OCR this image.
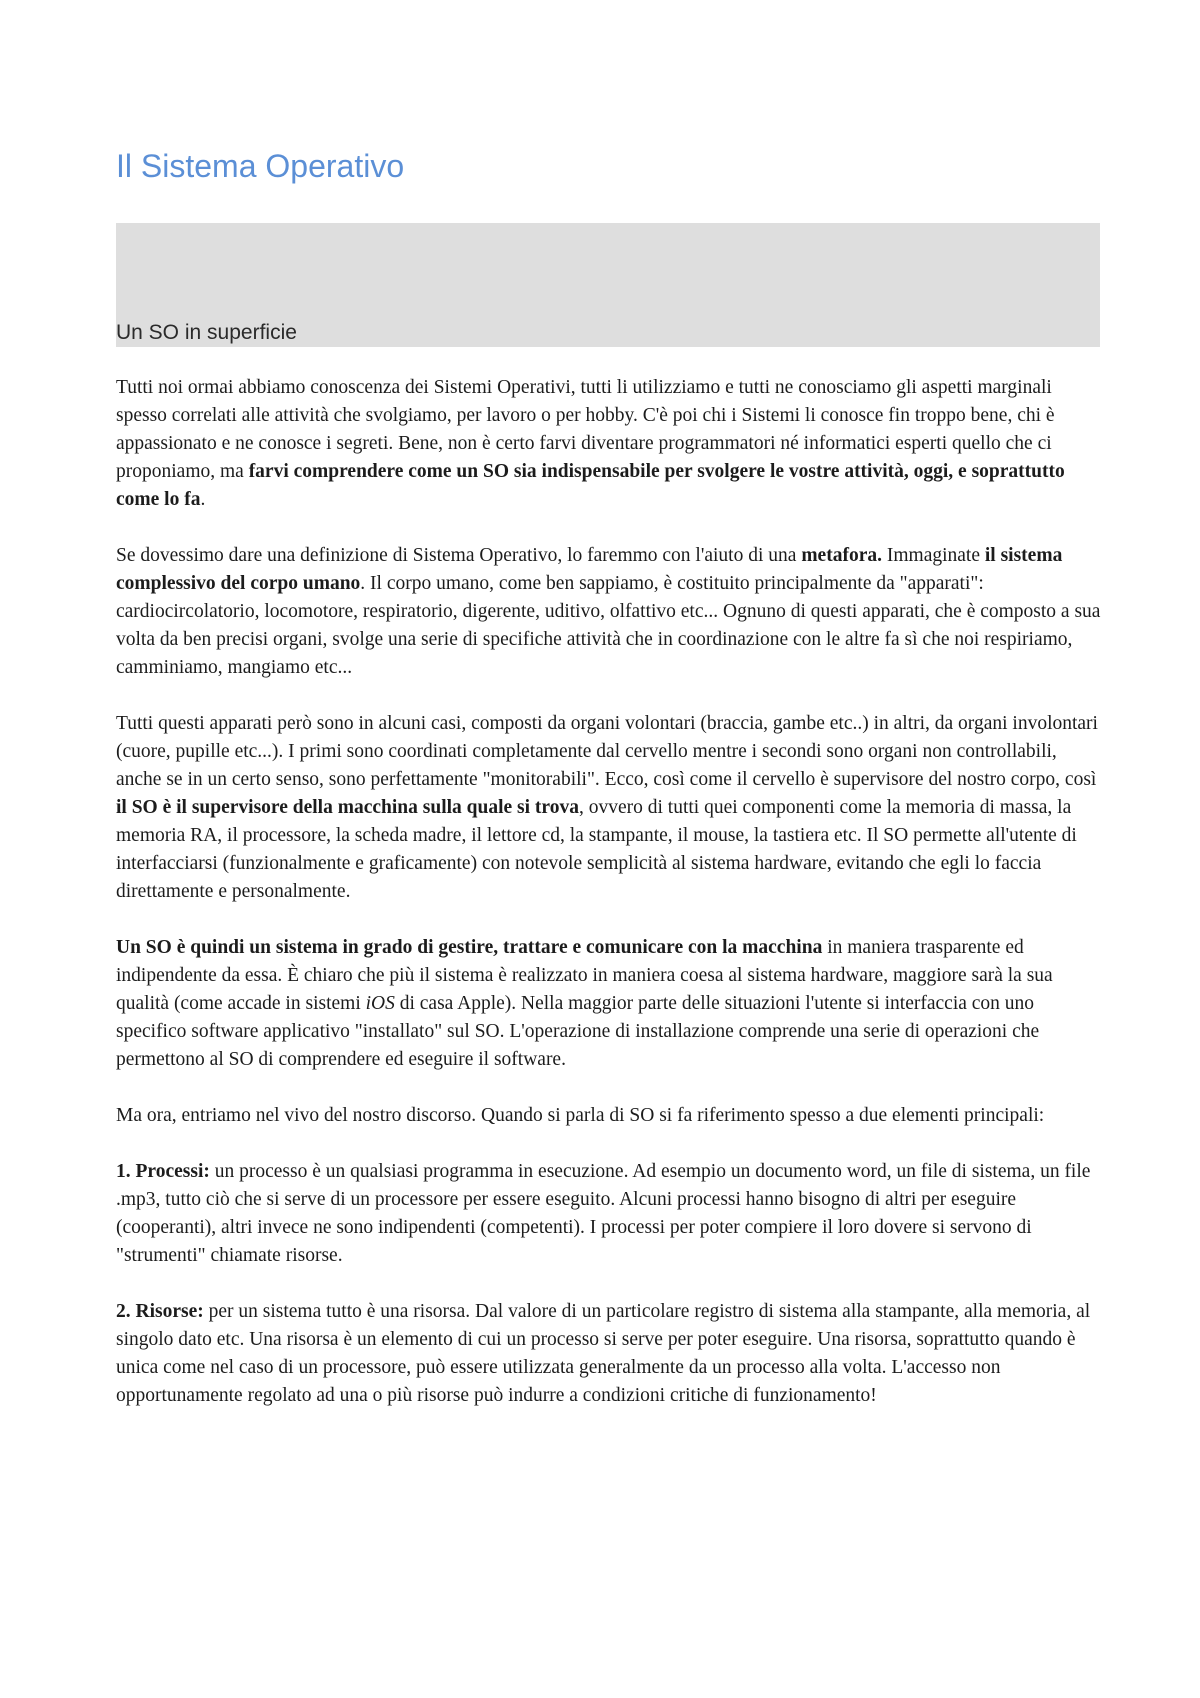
Il Sistema Operativo
Un SO in superficie

Tutti noi ormai abbiamo conoscenza dei Sistemi Operativi, tutti li utilizziamo e tutti ne conosciamo gli aspetti marginali spesso correlati alle attività che svolgiamo, per lavoro o per hobby. C'è poi chi i Sistemi li conosce fin troppo bene, chi è appassionato e ne conosce i segreti. Bene, non è certo farvi diventare programmatori né informatici esperti quello che ci proponiamo, ma farvi comprendere come un SO sia indispensabile per svolgere le vostre attività, oggi, e soprattutto come lo fa.

Se dovessimo dare una definizione di Sistema Operativo, lo faremmo con l'aiuto di una metafora. Immaginate il sistema complessivo del corpo umano. Il corpo umano, come ben sappiamo, è costituito principalmente da "apparati": cardiocircolatorio, locomotore, respiratorio, digerente, uditivo, olfattivo etc... Ognuno di questi apparati, che è composto a sua volta da ben precisi organi, svolge una serie di specifiche attività che in coordinazione con le altre fa sì che noi respiriamo, camminiamo, mangiamo etc...

Tutti questi apparati però sono in alcuni casi, composti da organi volontari (braccia, gambe etc..) in altri, da organi involontari (cuore, pupille etc...). I primi sono coordinati completamente dal cervello mentre i secondi sono organi non controllabili, anche se in un certo senso, sono perfettamente "monitorabili". Ecco, così come il cervello è supervisore del nostro corpo, così il SO è il supervisore della macchina sulla quale si trova, ovvero di tutti quei componenti come la memoria di massa, la memoria RA, il processore, la scheda madre, il lettore cd, la stampante, il mouse, la tastiera etc. Il SO permette all'utente di interfacciarsi (funzionalmente e graficamente) con notevole semplicità al sistema hardware, evitando che egli lo faccia direttamente e personalmente.

Un SO è quindi un sistema in grado di gestire, trattare e comunicare con la macchina in maniera trasparente ed indipendente da essa. È chiaro che più il sistema è realizzato in maniera coesa al sistema hardware, maggiore sarà la sua qualità (come accade in sistemi iOS di casa Apple). Nella maggior parte delle situazioni l'utente si interfaccia con uno specifico software applicativo "installato" sul SO. L'operazione di installazione comprende una serie di operazioni che permettono al SO di comprendere ed eseguire il software.

Ma ora, entriamo nel vivo del nostro discorso. Quando si parla di SO si fa riferimento spesso a due elementi principali:

1. Processi: un processo è un qualsiasi programma in esecuzione. Ad esempio un documento word, un file di sistema, un file .mp3, tutto ciò che si serve di un processore per essere eseguito. Alcuni processi hanno bisogno di altri per eseguire (cooperanti), altri invece ne sono indipendenti (competenti). I processi per poter compiere il loro dovere si servono di "strumenti" chiamate risorse.

2. Risorse: per un sistema tutto è una risorsa. Dal valore di un particolare registro di sistema alla stampante, alla memoria, al singolo dato etc. Una risorsa è un elemento di cui un processo si serve per poter eseguire. Una risorsa, soprattutto quando è unica come nel caso di un processore, può essere utilizzata generalmente da un processo alla volta. L'accesso non opportunamente regolato ad una o più risorse può indurre a condizioni critiche di funzionamento!
